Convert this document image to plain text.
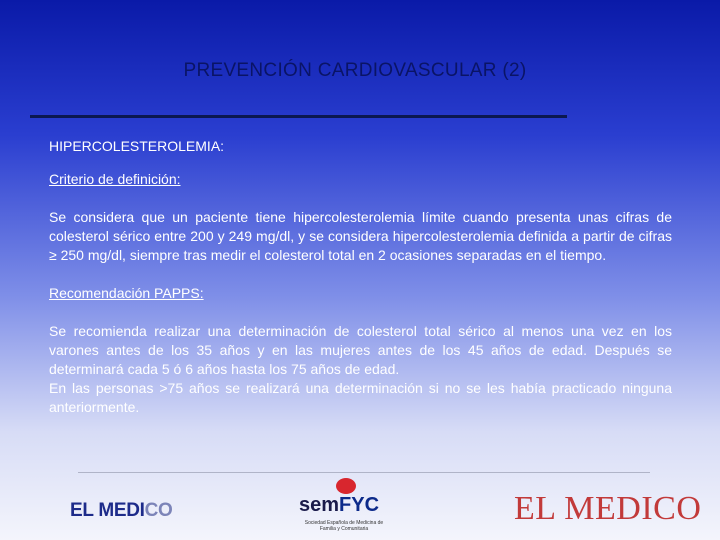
PREVENCIÓN CARDIOVASCULAR (2)

HIPERCOLESTEROLEMIA:

Criterio de definición:

Se considera que un paciente tiene hipercolesterolemia límite cuando presenta unas cifras de colesterol sérico entre 200 y 249 mg/dl, y se considera hipercolesterolemia definida a partir de cifras ≥ 250 mg/dl, siempre tras medir el colesterol total en 2 ocasiones separadas en el tiempo.

Recomendación PAPPS:

Se recomienda realizar una determinación de colesterol total sérico al menos una vez en los varones antes de los 35 años y en las mujeres antes de los 45 años de edad. Después se determinará cada 5 ó 6 años hasta los 75 años de edad.

En las personas >75 años se realizará una determinación si no se les había practicado ninguna anteriormente.

EL MEDICO	semFYC
Sociedad Española de Medicina de Familia y Comunitaria
EL MEDICO
